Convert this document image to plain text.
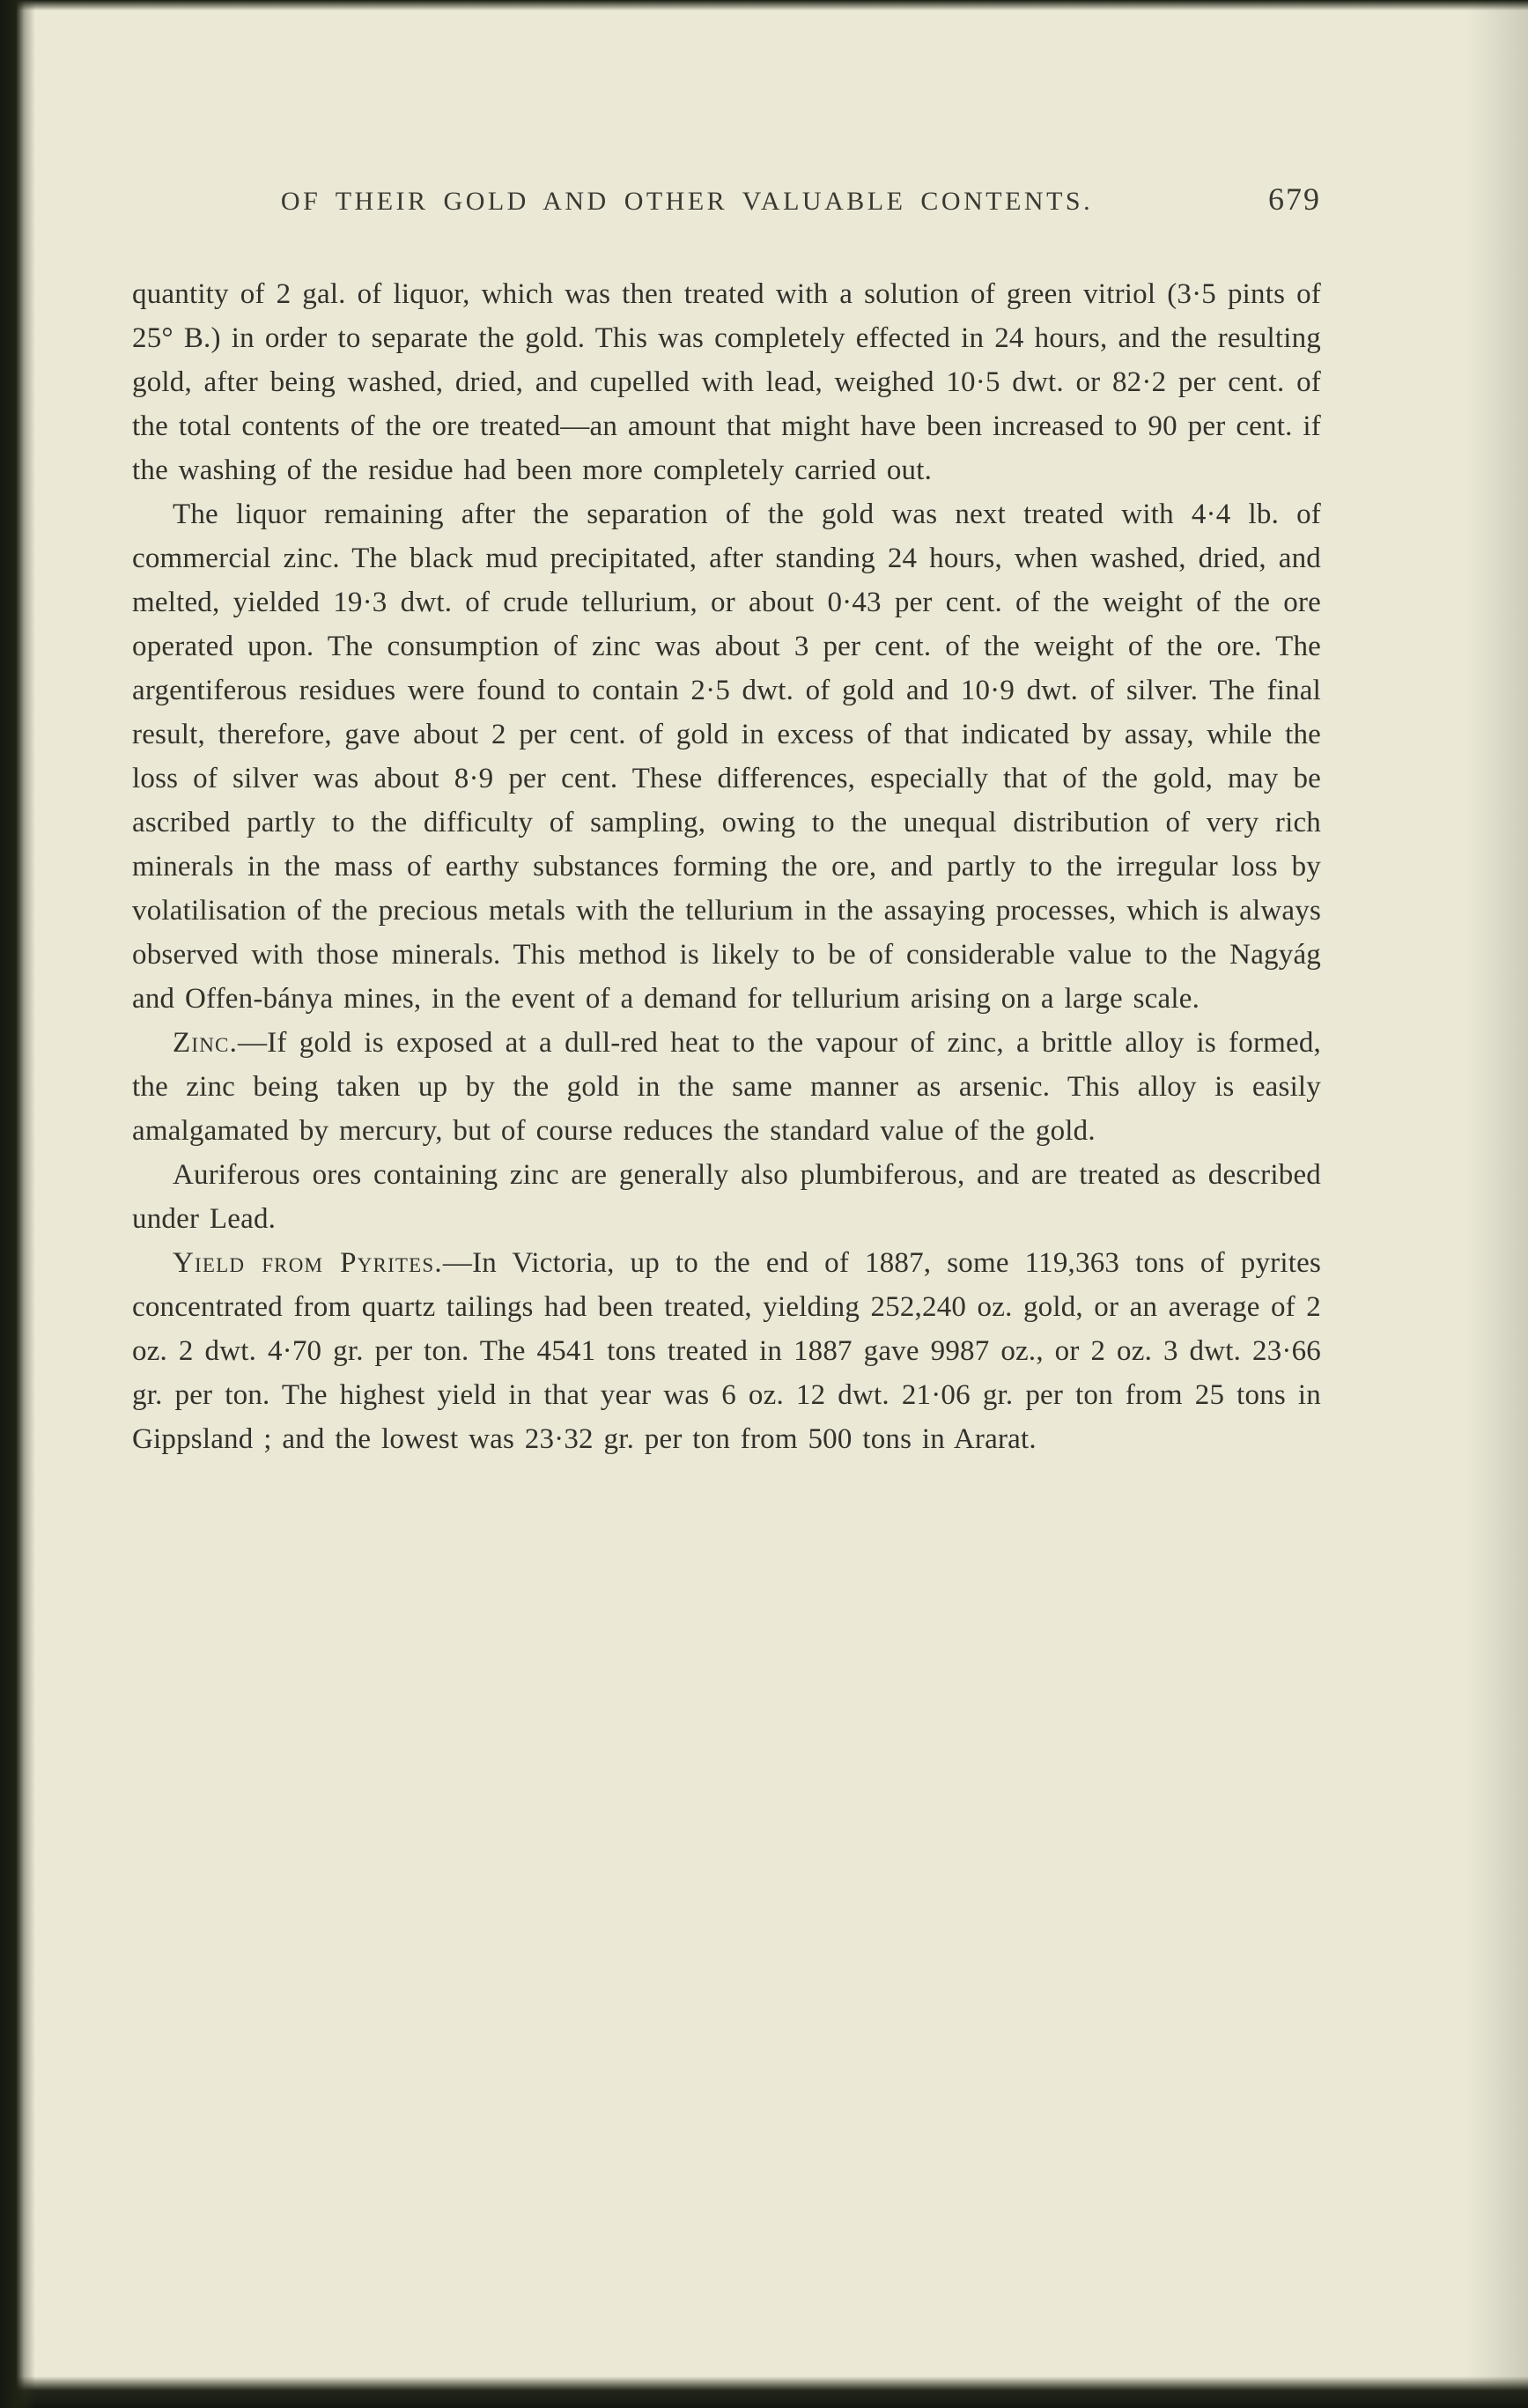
OF THEIR GOLD AND OTHER VALUABLE CONTENTS.	679

quantity of 2 gal. of liquor, which was then treated with a solution of green vitriol (3·5 pints of 25° B.) in order to separate the gold. This was completely effected in 24 hours, and the resulting gold, after being washed, dried, and cupelled with lead, weighed 10·5 dwt. or 82·2 per cent. of the total contents of the ore treated—an amount that might have been increased to 90 per cent. if the washing of the residue had been more completely carried out.

The liquor remaining after the separation of the gold was next treated with 4·4 lb. of commercial zinc. The black mud precipitated, after standing 24 hours, when washed, dried, and melted, yielded 19·3 dwt. of crude tellurium, or about 0·43 per cent. of the weight of the ore operated upon. The consumption of zinc was about 3 per cent. of the weight of the ore. The argentiferous residues were found to contain 2·5 dwt. of gold and 10·9 dwt. of silver. The final result, therefore, gave about 2 per cent. of gold in excess of that indicated by assay, while the loss of silver was about 8·9 per cent. These differences, especially that of the gold, may be ascribed partly to the difficulty of sampling, owing to the unequal distribution of very rich minerals in the mass of earthy substances forming the ore, and partly to the irregular loss by volatilisation of the precious metals with the tellurium in the assaying processes, which is always observed with those minerals. This method is likely to be of considerable value to the Nagyág and Offen-bánya mines, in the event of a demand for tellurium arising on a large scale.

Zinc.—If gold is exposed at a dull-red heat to the vapour of zinc, a brittle alloy is formed, the zinc being taken up by the gold in the same manner as arsenic. This alloy is easily amalgamated by mercury, but of course reduces the standard value of the gold.

Auriferous ores containing zinc are generally also plumbiferous, and are treated as described under Lead.

Yield from Pyrites.—In Victoria, up to the end of 1887, some 119,363 tons of pyrites concentrated from quartz tailings had been treated, yielding 252,240 oz. gold, or an average of 2 oz. 2 dwt. 4·70 gr. per ton. The 4541 tons treated in 1887 gave 9987 oz., or 2 oz. 3 dwt. 23·66 gr. per ton. The highest yield in that year was 6 oz. 12 dwt. 21·06 gr. per ton from 25 tons in Gippsland ; and the lowest was 23·32 gr. per ton from 500 tons in Ararat.
